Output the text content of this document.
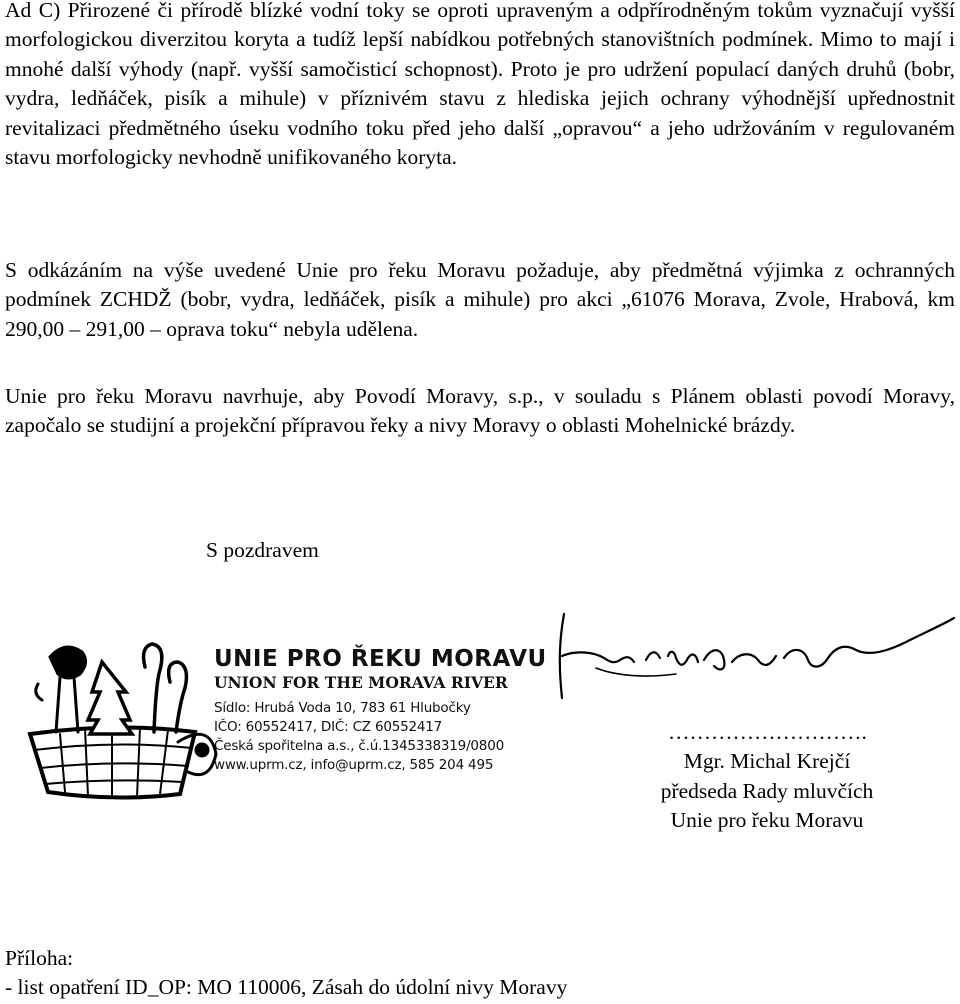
Ad C) Přirozené či přírodě blízké vodní toky se oproti upraveným a odpřírodněným tokům vyznačují vyšší morfologickou diverzitou koryta a tudíž lepší nabídkou potřebných stanovištních podmínek. Mimo to mají i mnohé další výhody (např. vyšší samočisticí schopnost). Proto je pro udržení populací daných druhů (bobr, vydra, ledňáček, pisík a mihule) v příznivém stavu z hlediska jejich ochrany výhodnější upřednostnit revitalizaci předmětného úseku vodního toku před jeho další „opravou“ a jeho udržováním v regulovaném stavu morfologicky nevhodně unifikovaného koryta.

S odkázáním na výše uvedené Unie pro řeku Moravu požaduje, aby předmětná výjimka z ochranných podmínek ZCHDŽ (bobr, vydra, ledňáček, pisík a mihule) pro akci „61076 Morava, Zvole, Hrabová, km 290,00 – 291,00 – oprava toku“ nebyla udělena.

Unie pro řeku Moravu navrhuje, aby Povodí Moravy, s.p., v souladu s Plánem oblasti povodí Moravy, započalo se studijní a projekční přípravou řeky a nivy Moravy o oblasti Mohelnické brázdy.

S pozdravem
UNIE PRO ŘEKU MORAVU
UNION FOR THE MORAVA RIVER
Sídlo: Hrubá Voda 10, 783 61 Hlubočky
IČO: 60552417, DIČ: CZ 60552417
Česká spořitelna a.s., č.ú.1345338319/0800
www.uprm.cz, info@uprm.cz, 585 204 495
……………………….
Mgr. Michal Krejčí
předseda Rady mluvčích
Unie pro řeku Moravu
Příloha:
- list opatření ID_OP: MO 110006, Zásah do údolní nivy Moravy
